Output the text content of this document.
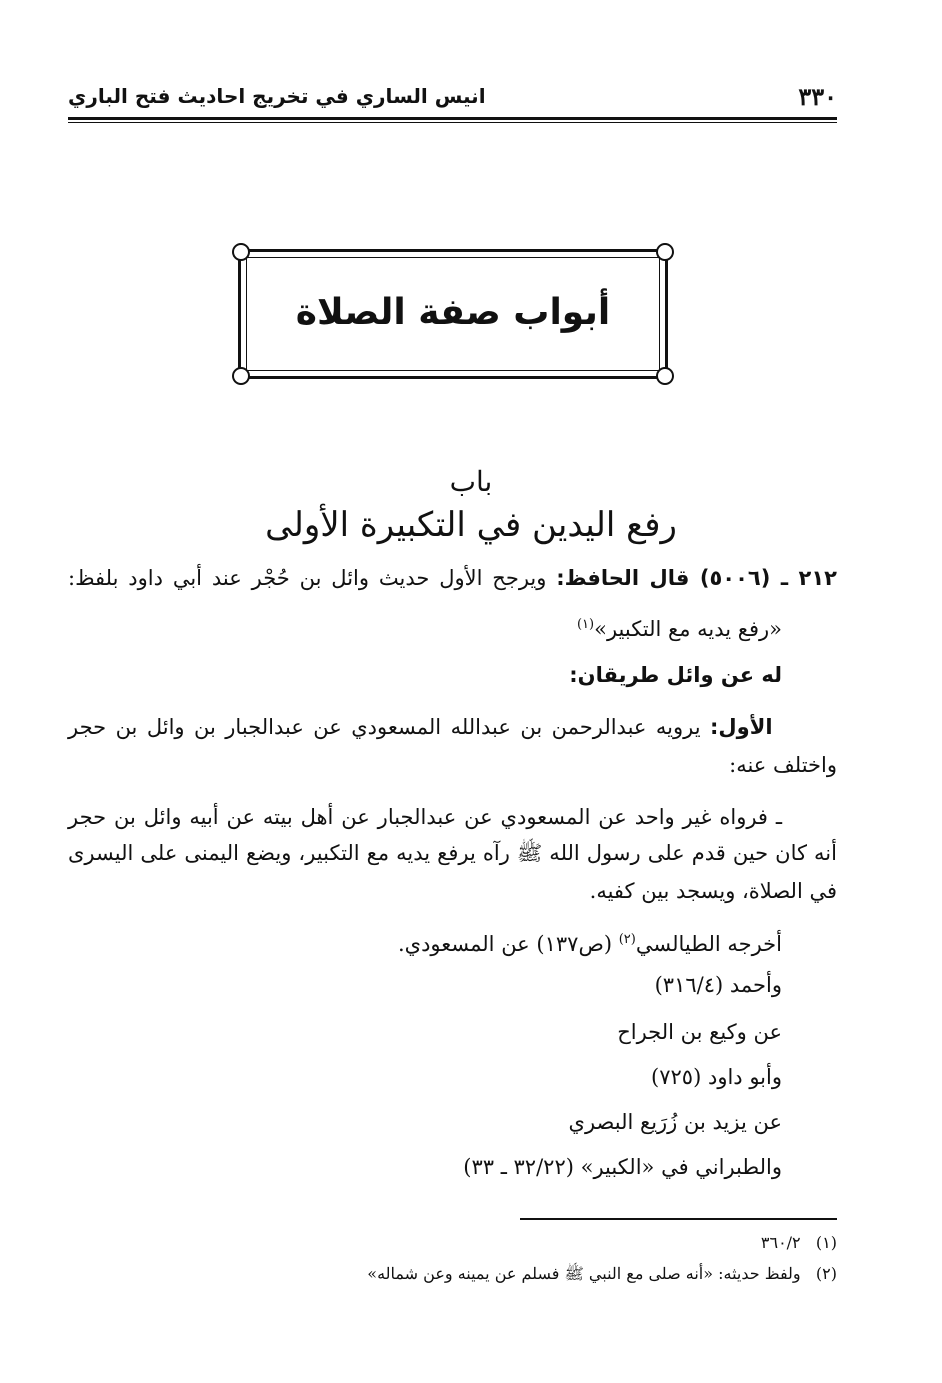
٣٣٠
انيس الساري في تخريج احاديث فتح الباري
أبواب صفة الصلاة
باب
رفع اليدين في التكبيرة الأولى
٢١٢ ـ (٥٠٠٦) قال الحافظ: ويرجح الأول حديث وائل بن حُجْر عند أبي داود بلفظ:
«رفع يديه مع التكبير»$^{(١)}$
له عن وائل طريقان:
الأول: يرويه عبدالرحمن بن عبدالله المسعودي عن عبدالجبار بن وائل بن حجر
واختلف عنه:
ـ فرواه غير واحد عن المسعودي عن عبدالجبار عن أهل بيته عن أبيه وائل بن حجر
أنه كان حين قدم على رسول الله ﷺ رآه يرفع يديه مع التكبير، ويضع اليمنى على اليسرى
في الصلاة، ويسجد بين كفيه.
أخرجه الطيالسي$^{(٢)}$ (ص١٣٧) عن المسعودي.
وأحمد (٣١٦/٤)
عن وكيع بن الجراح
وأبو داود (٧٢٥)
عن يزيد بن زُرَيع البصري
والطبراني في «الكبير» (٣٢/٢٢ ـ ٣٣)
(١)   ٣٦٠/٢
(٢)   ولفظ حديثه: «أنه صلى مع النبي ﷺ فسلم عن يمينه وعن شماله»
